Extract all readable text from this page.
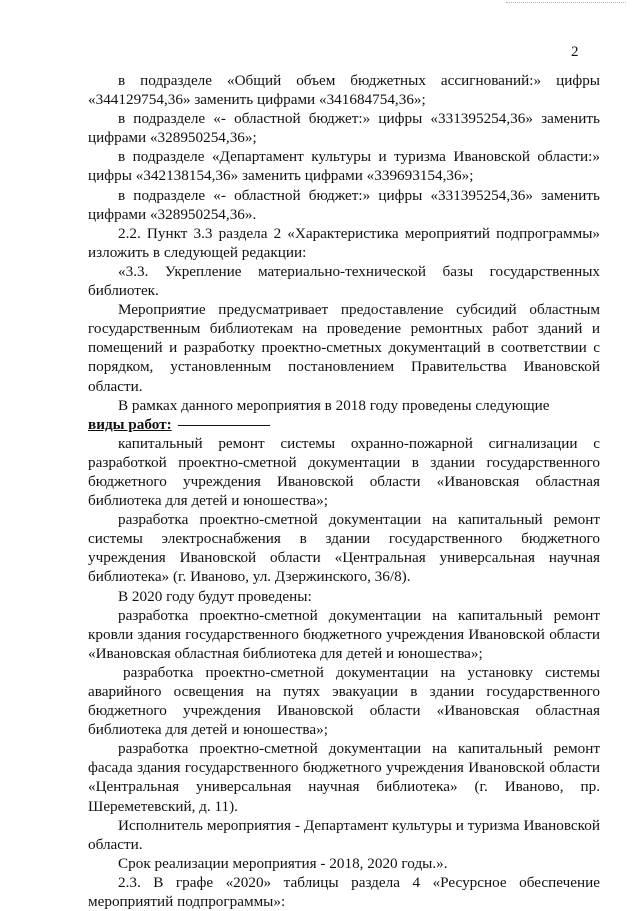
2

в подразделе «Общий объем бюджетных ассигнований:» цифры «344129754,36» заменить цифрами «341684754,36»;

в подразделе «- областной бюджет:» цифры «331395254,36» заменить цифрами «328950254,36»;

в подразделе «Департамент культуры и туризма Ивановской области:» цифры «342138154,36» заменить цифрами «339693154,36»;

в подразделе «- областной бюджет:» цифры «331395254,36» заменить цифрами «328950254,36».

2.2. Пункт 3.3 раздела 2 «Характеристика мероприятий подпрограммы» изложить в следующей редакции:

«3.3. Укрепление материально-технической базы государственных библиотек.

Мероприятие предусматривает предоставление субсидий областным государственным библиотекам на проведение ремонтных работ зданий и помещений и разработку проектно-сметных документаций в соответствии с порядком, установленным постановлением Правительства Ивановской области.

В рамках данного мероприятия в 2018 году проведены следующие

виды работ:

капитальный ремонт системы охранно-пожарной сигнализации с разработкой проектно-сметной документации в здании государственного бюджетного учреждения Ивановской области «Ивановская областная библиотека для детей и юношества»;

разработка проектно-сметной документации на капитальный ремонт системы электроснабжения в здании государственного бюджетного учреждения Ивановской области «Центральная универсальная научная библиотека» (г. Иваново, ул. Дзержинского, 36/8).

В 2020 году будут проведены:

разработка проектно-сметной документации на капитальный ремонт кровли здания государственного бюджетного учреждения Ивановской области «Ивановская областная библиотека для детей и юношества»;

разработка проектно-сметной документации на установку системы аварийного освещения на путях эвакуации в здании государственного бюджетного учреждения Ивановской области «Ивановская областная библиотека для детей и юношества»;

разработка проектно-сметной документации на капитальный ремонт фасада здания государственного бюджетного учреждения Ивановской области «Центральная универсальная научная библиотека» (г. Иваново, пр. Шереметевский, д. 11).

Исполнитель мероприятия - Департамент культуры и туризма Ивановской области.

Срок реализации мероприятия - 2018, 2020 годы.».

2.3. В графе «2020» таблицы раздела 4 «Ресурсное обеспечение мероприятий подпрограммы»:
